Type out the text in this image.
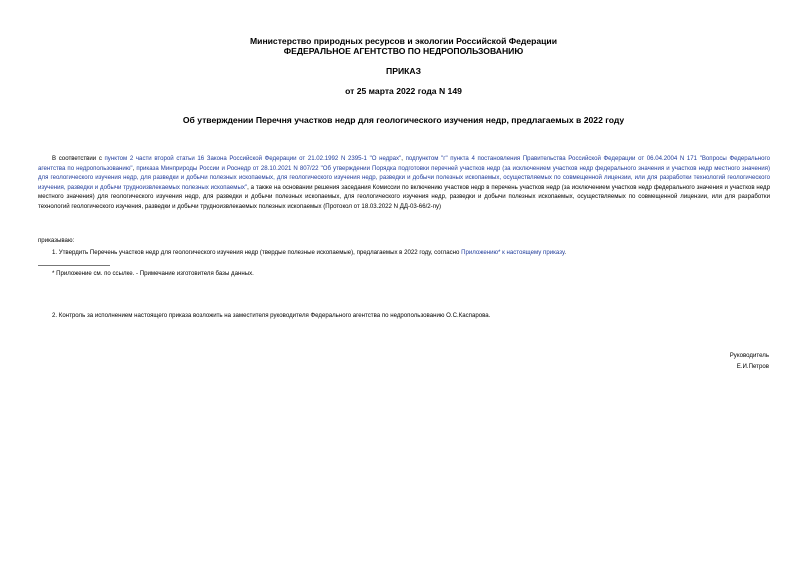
Министерство природных ресурсов и экологии Российской Федерации
ФЕДЕРАЛЬНОЕ АГЕНТСТВО ПО НЕДРОПОЛЬЗОВАНИЮ
ПРИКАЗ
от 25 марта 2022 года N 149
Об утверждении Перечня участков недр для геологического изучения недр, предлагаемых в 2022 году
В соответствии с пунктом 2 части второй статьи 16 Закона Российской Федерации от 21.02.1992 N 2395-1 "О недрах", подпунктом "г" пункта 4 постановления Правительства Российской Федерации от 06.04.2004 N 171 "Вопросы Федерального агентства по недропользованию", приказа Минприроды России и Роснедр от 28.10.2021 N 807/22 "Об утверждении Порядка подготовки перечней участков недр (за исключением участков недр федерального значения и участков недр местного значения) для геологического изучения недр, для разведки и добычи полезных ископаемых, для геологического изучения недр, разведки и добычи полезных ископаемых, осуществляемых по совмещенной лицензии, или для разработки технологий геологического изучения, разведки и добычи трудноизвлекаемых полезных ископаемых", а также на основании решения заседания Комиссии по включению участков недр в перечень участков недр (за исключением участков недр федерального значения и участков недр местного значения) для геологического изучения недр, для разведки и добычи полезных ископаемых, для геологического изучения недр, разведки и добычи полезных ископаемых, осуществляемых по совмещенной лицензии, или для разработки технологий геологического изучения, разведки и добычи трудноизвлекаемых полезных ископаемых (Протокол от 18.03.2022 N ДД-03-66/2-пу)
приказываю:
1. Утвердить Перечень участков недр для геологического изучения недр (твердые полезные ископаемые), предлагаемых в 2022 году, согласно Приложению* к настоящему приказу.
* Приложение см. по ссылке. - Примечание изготовителя базы данных.
2. Контроль за исполнением настоящего приказа возложить на заместителя руководителя Федерального агентства по недропользованию О.С.Каспарова.
Руководитель
Е.И.Петров
